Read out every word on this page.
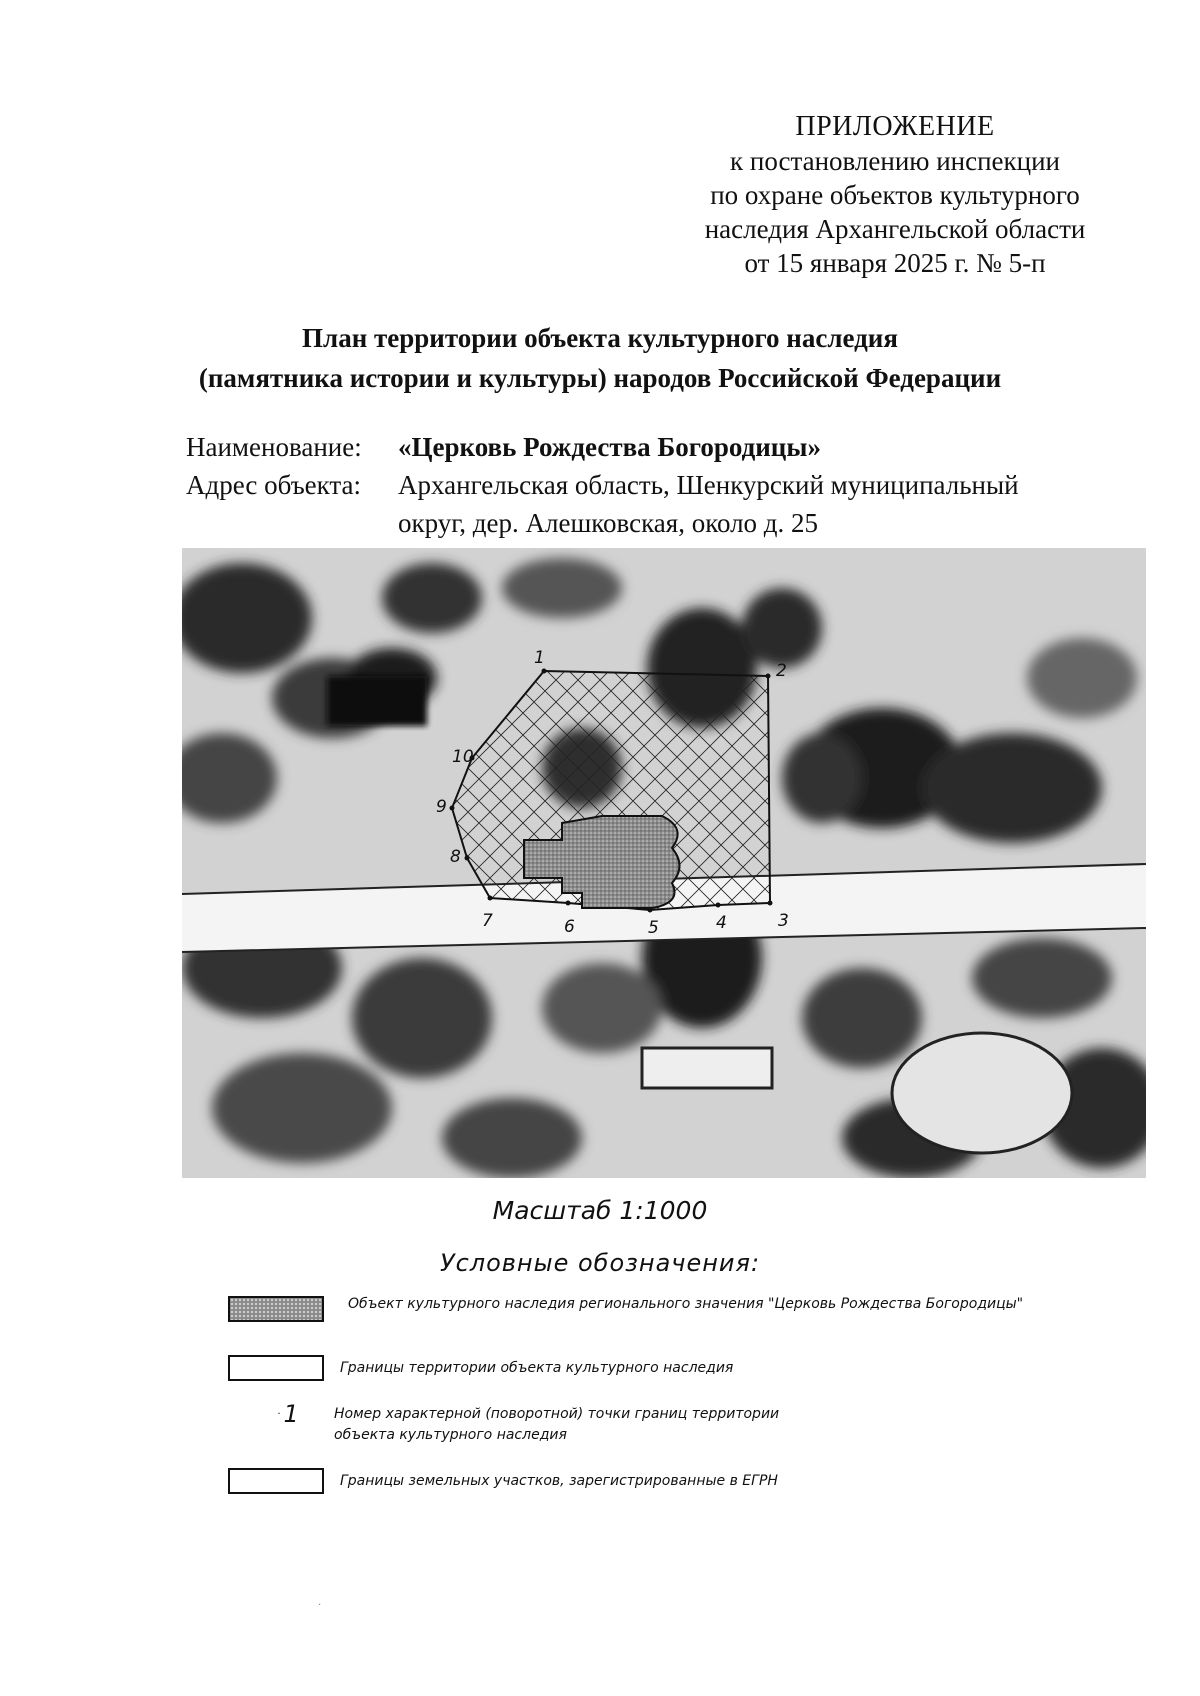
ПРИЛОЖЕНИЕ
к постановлению инспекции
по охране объектов культурного
наследия Архангельской области
от 15 января 2025 г. № 5-п
План территории объекта культурного наследия
(памятника истории и культуры) народов Российской Федерации
Наименование:	«Церковь Рождества Богородицы»
Адрес объекта:	Архангельская область, Шенкурский муниципальный
округ, дер. Алешковская, около д. 25
1
2
3
4
5
6
7
8
9
10
Масштаб 1:1000
Условные обозначения:
Объект культурного наследия регионального значения "Церковь Рождества Богородицы"
Границы территории объекта культурного наследия
· 1	Номер характерной (поворотной) точки границ территории
объекта культурного наследия
Границы земельных участков, зарегистрированные в ЕГРН
·
